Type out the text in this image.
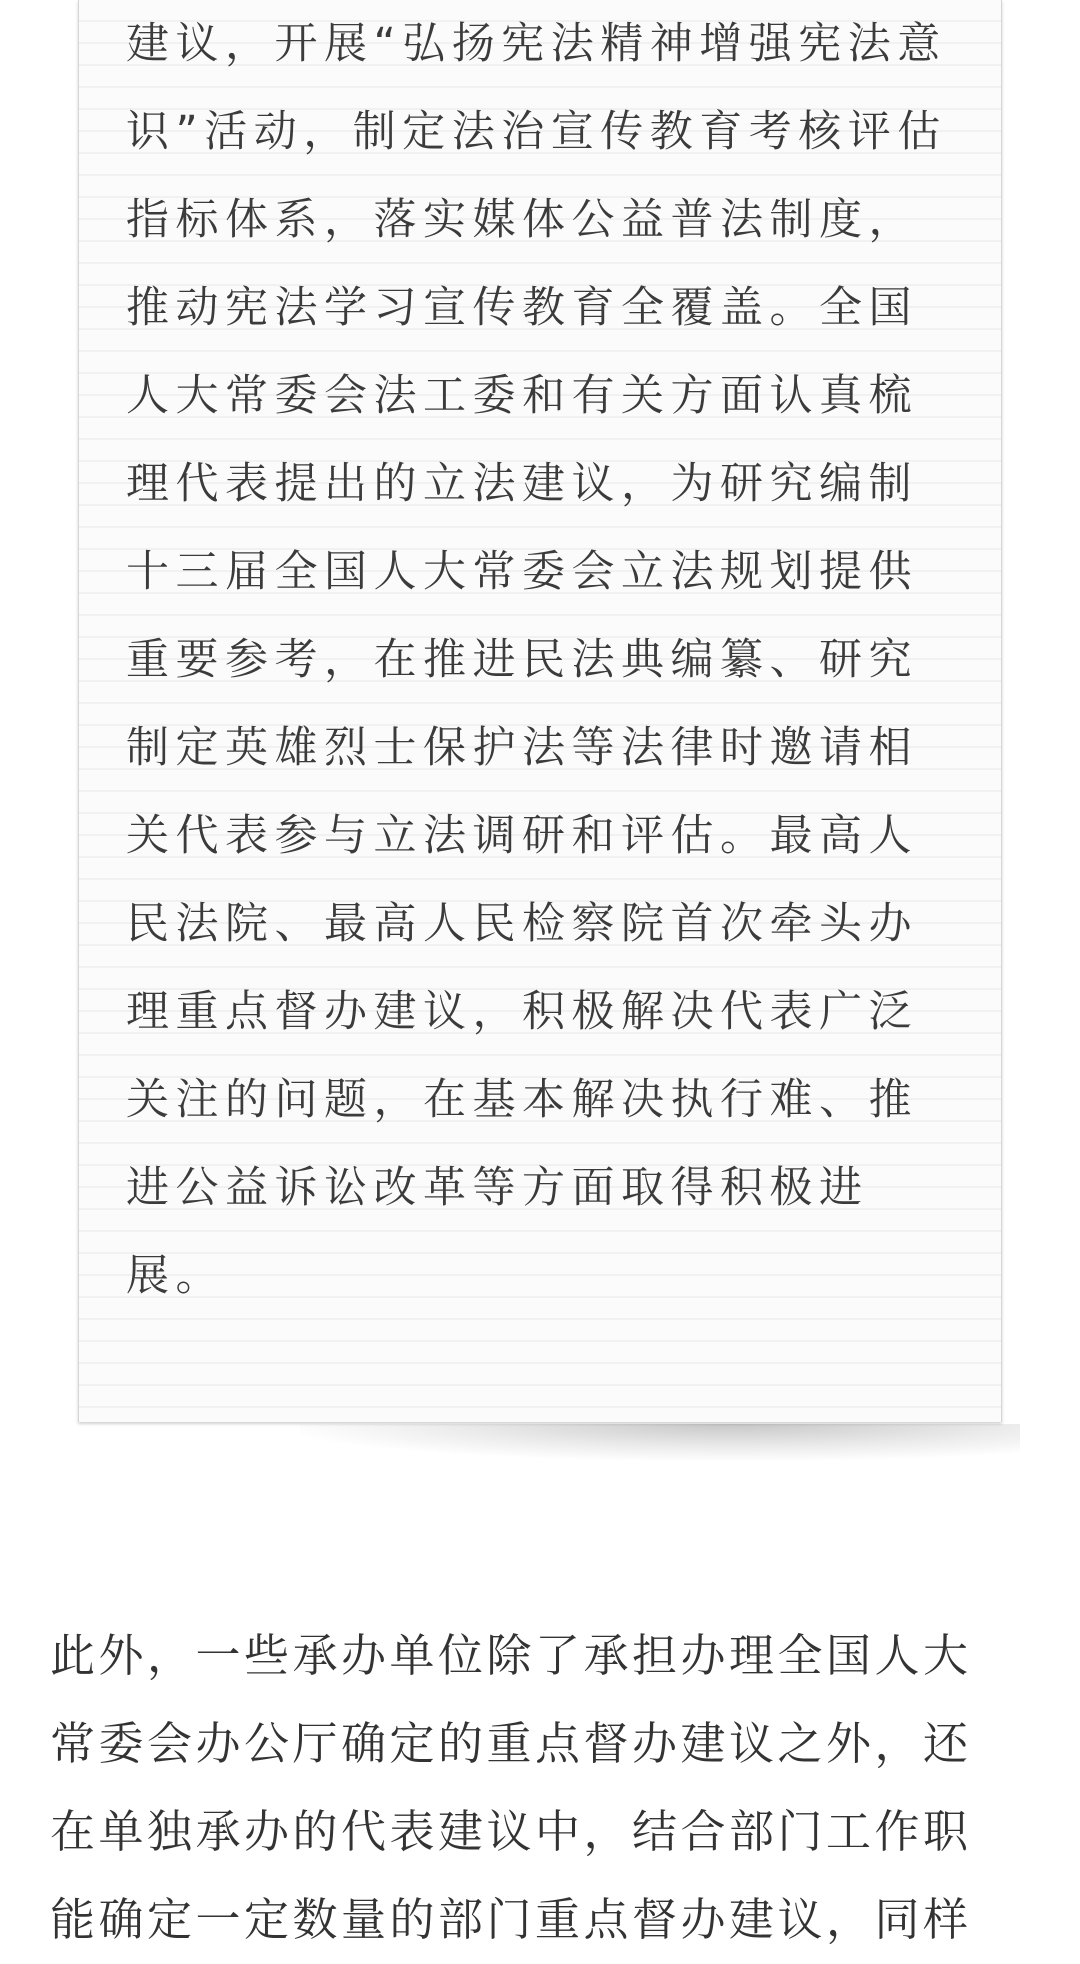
建议，开展“弘扬宪法精神增强宪法意
识”活动，制定法治宣传教育考核评估
指标体系，落实媒体公益普法制度，
推动宪法学习宣传教育全覆盖。全国
人大常委会法工委和有关方面认真梳
理代表提出的立法建议，为研究编制
十三届全国人大常委会立法规划提供
重要参考，在推进民法典编纂、研究
制定英雄烈士保护法等法律时邀请相
关代表参与立法调研和评估。最高人
民法院、最高人民检察院首次牵头办
理重点督办建议，积极解决代表广泛
关注的问题，在基本解决执行难、推
进公益诉讼改革等方面取得积极进
展。
此外，一些承办单位除了承担办理全国人大
常委会办公厅确定的重点督办建议之外，还
在单独承办的代表建议中，结合部门工作职
能确定一定数量的部门重点督办建议，同样
